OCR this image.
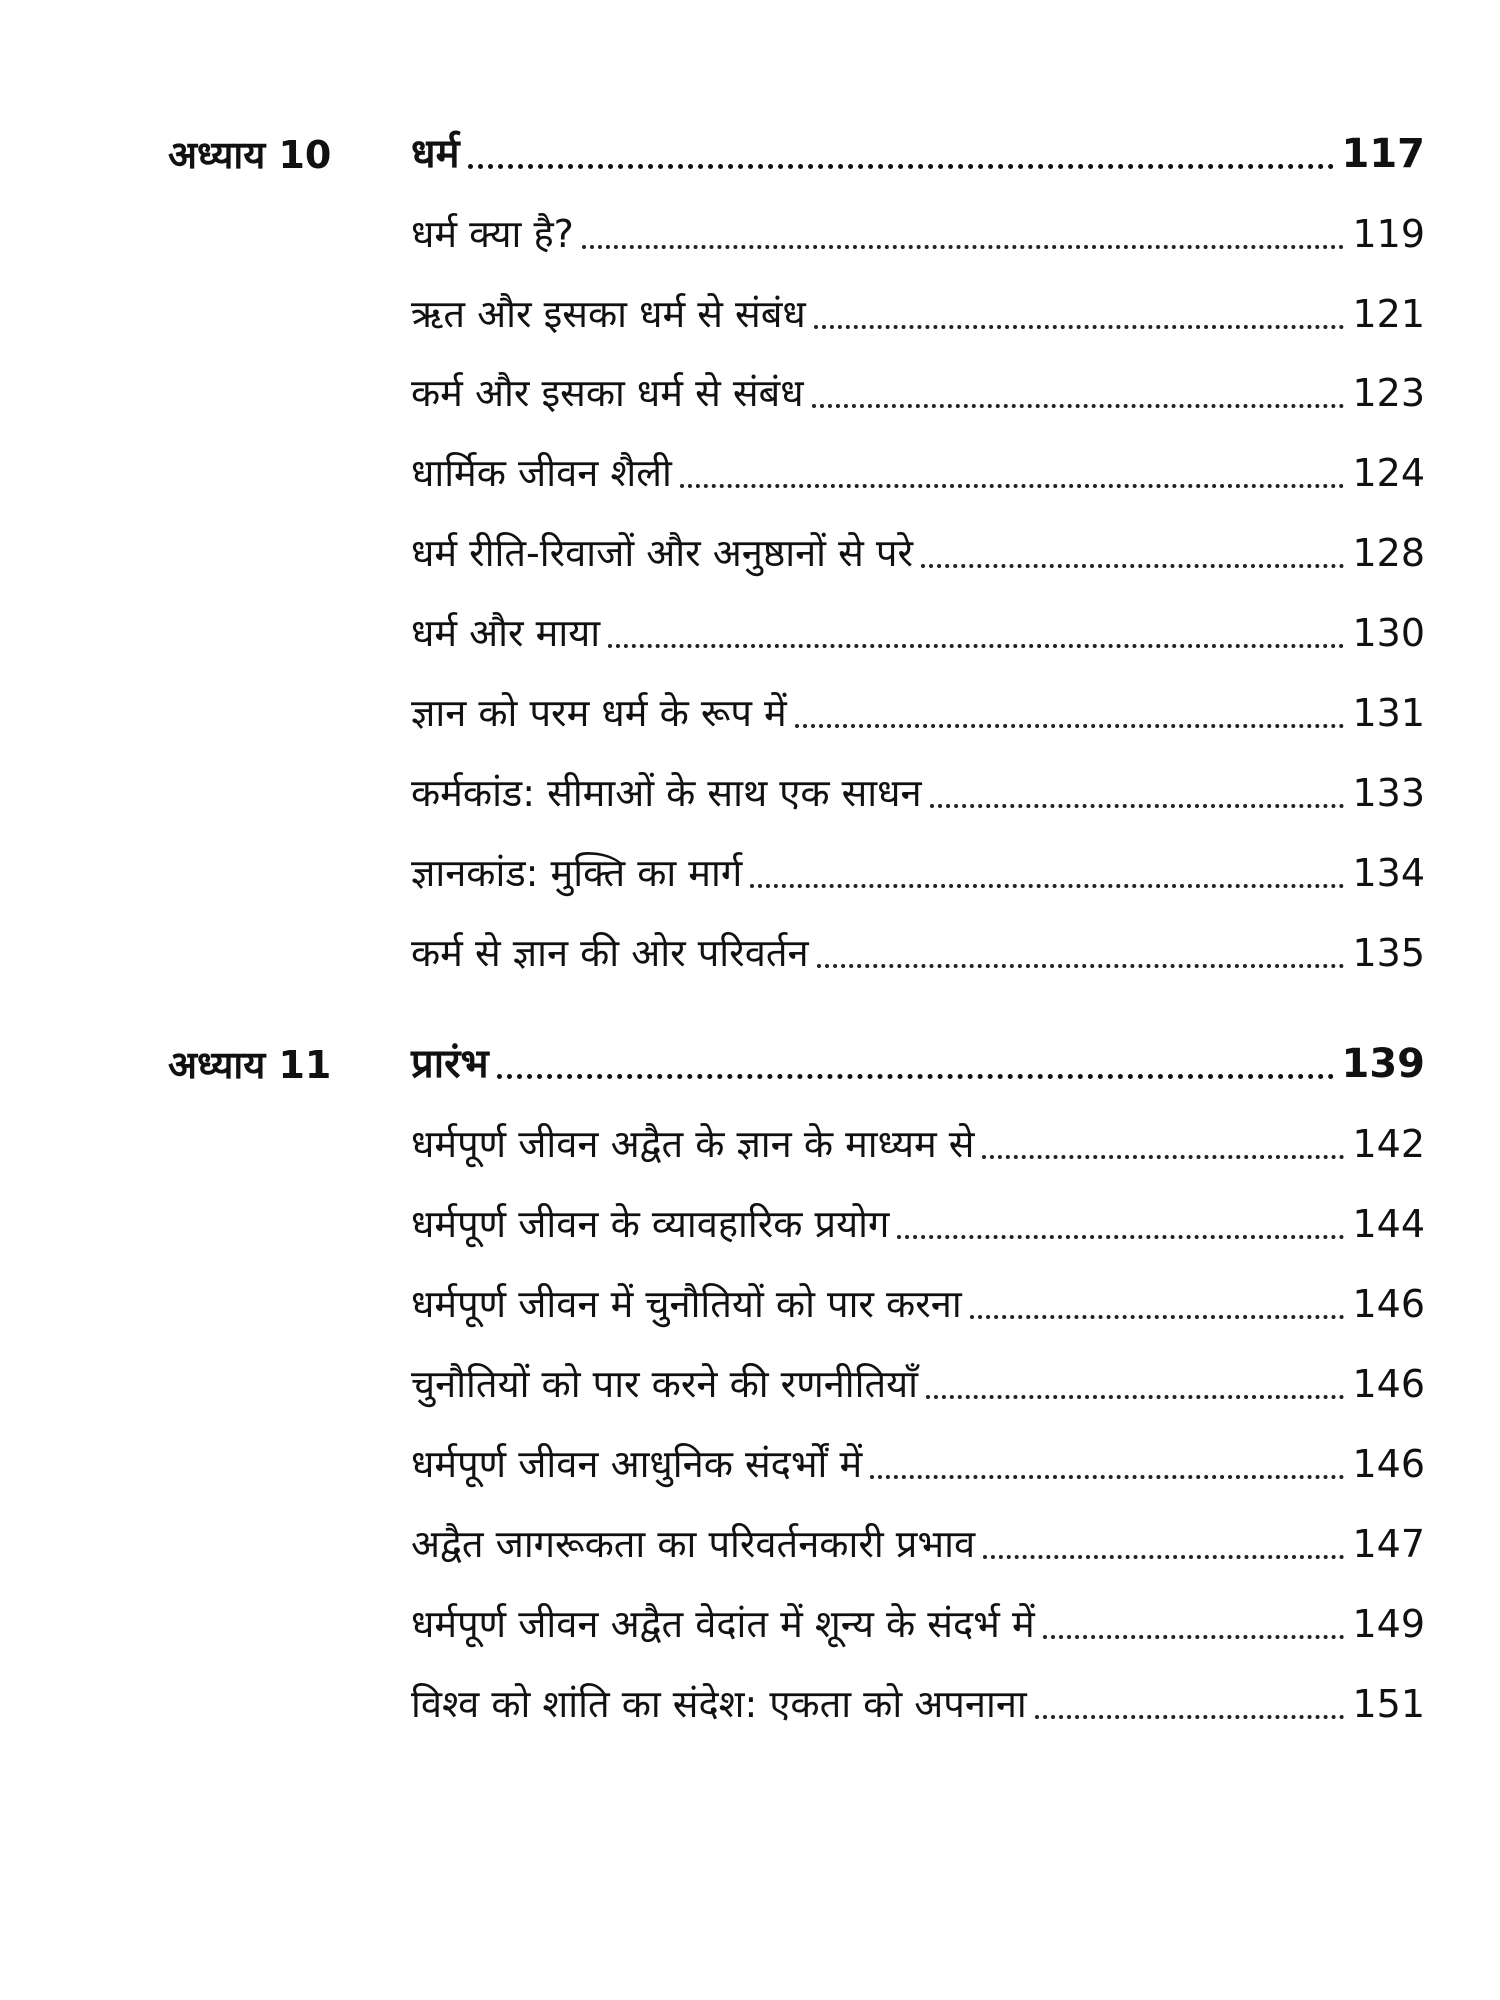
अध्याय 10	धर्म	117
धर्म क्या है?	119
ऋत और इसका धर्म से संबंध	121
कर्म और इसका धर्म से संबंध	123
धार्मिक जीवन शैली	124
धर्म रीति-रिवाजों और अनुष्ठानों से परे	128
धर्म और माया	130
ज्ञान को परम धर्म के रूप में	131
कर्मकांड: सीमाओं के साथ एक साधन	133
ज्ञानकांड: मुक्ति का मार्ग	134
कर्म से ज्ञान की ओर परिवर्तन	135
अध्याय 11	प्रारंभ	139
धर्मपूर्ण जीवन अद्वैत के ज्ञान के माध्यम से	142
धर्मपूर्ण जीवन के व्यावहारिक प्रयोग	144
धर्मपूर्ण जीवन में चुनौतियों को पार करना	146
चुनौतियों को पार करने की रणनीतियाँ	146
धर्मपूर्ण जीवन आधुनिक संदर्भों में	146
अद्वैत जागरूकता का परिवर्तनकारी प्रभाव	147
धर्मपूर्ण जीवन अद्वैत वेदांत में शून्य के संदर्भ में	149
विश्व को शांति का संदेश: एकता को अपनाना	151
